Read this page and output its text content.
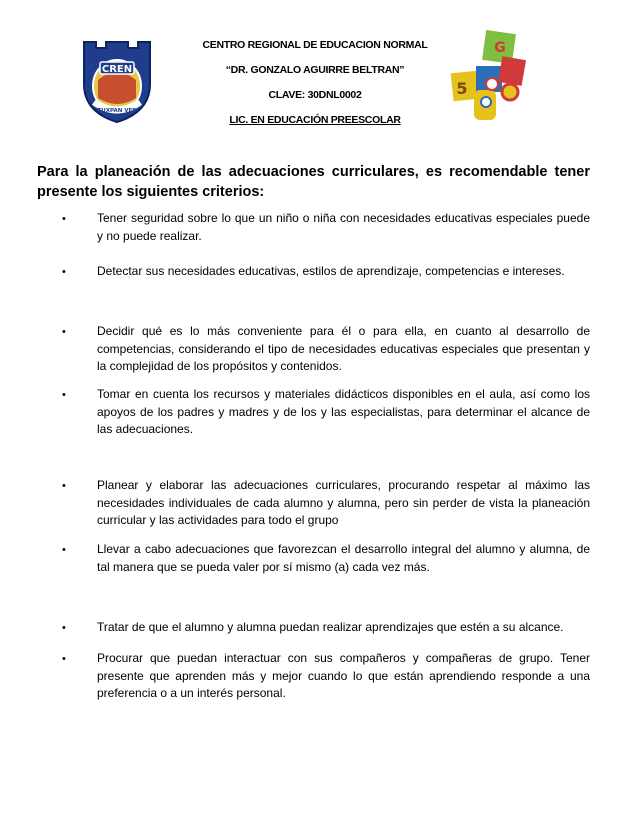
CREN
TUXPAN VER
5
G
CENTRO REGIONAL DE EDUCACION NORMAL
“DR. GONZALO AGUIRRE BELTRAN”
CLAVE: 30DNL0002
LIC. EN EDUCACIÓN PREESCOLAR
Para la planeación de las adecuaciones curriculares, es recomendable tener presente los siguientes criterios:
•	Tener seguridad sobre lo que un niño o niña con necesidades educativas especiales puede y no puede realizar.
•	Detectar sus necesidades educativas, estilos de aprendizaje, competencias e intereses.
•	Decidir qué es lo más conveniente para él o para ella, en cuanto al desarrollo de competencias, considerando el tipo de necesidades educativas especiales que presentan y la complejidad de los propósitos y contenidos.
•	Tomar en cuenta los recursos y materiales didácticos disponibles en el aula, así como los apoyos de los padres y madres y de los y las especialistas, para determinar el alcance de las adecuaciones.
•	Planear y elaborar las adecuaciones curriculares, procurando respetar al máximo las necesidades individuales de cada alumno y alumna, pero sin perder de vista la planeación curricular y las actividades para todo el grupo
•	Llevar a cabo adecuaciones que favorezcan el desarrollo integral del alumno y alumna, de tal manera que se pueda valer por sí mismo (a) cada vez más.
•	Tratar de que el alumno y alumna puedan realizar aprendizajes que estén a su alcance.
•	Procurar que puedan interactuar con sus compañeros y compañeras de grupo. Tener presente que aprenden más y mejor cuando lo que están aprendiendo responde a una preferencia o a un interés personal.
